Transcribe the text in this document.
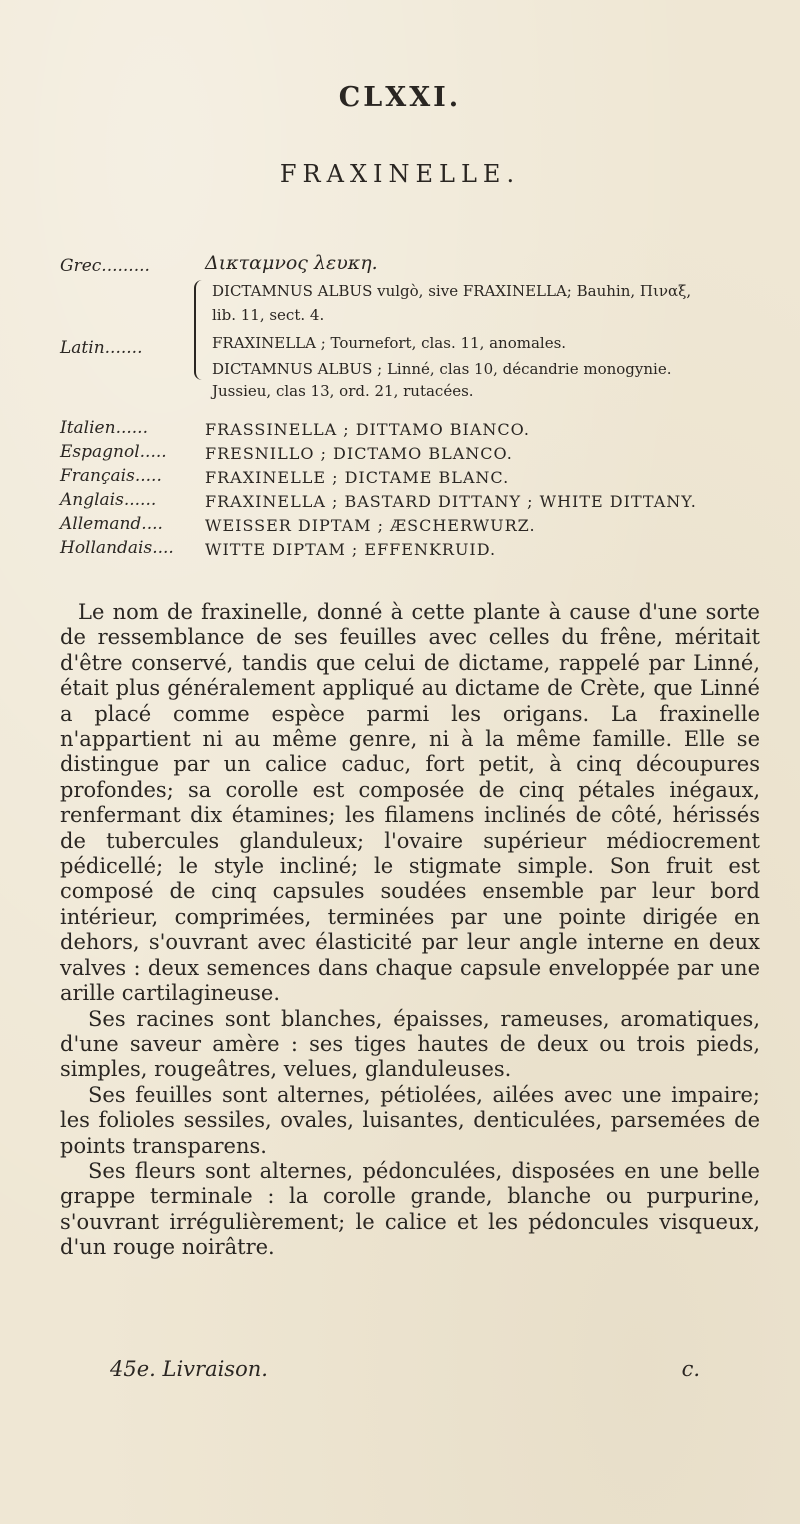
CLXXI.
FRAXINELLE.
Grec.........	Δικταμνος λευκη.
Latin.......
DICTAMNUS ALBUS vulgò, sive FRAXINELLA; Bauhin, Πιναξ,
lib. 11, sect. 4.
FRAXINELLA ; Tournefort, clas. 11, anomales.
DICTAMNUS ALBUS ; Linné, clas 10, décandrie monogynie.
Jussieu, clas 13, ord. 21, rutacées.
Italien......	FRASSINELLA ; DITTAMO BIANCO.
Espagnol..... FRESNILLO ; DICTAMO BLANCO.
Français.....	FRAXINELLE ; DICTAME BLANC.
Anglais......	FRAXINELLA ; BASTARD DITTANY ; WHITE DITTANY.
Allemand....	WEISSER DIPTAM ; ÆSCHERWURZ.
Hollandais.... WITTE DIPTAM ; EFFENKRUID.

Le nom de fraxinelle, donné à cette plante à cause d'une sorte de ressemblance de ses feuilles avec celles du frêne, méritait d'être conservé, tandis que celui de dictame, rappelé par Linné, était plus généralement appliqué au dictame de Crète, que Linné a placé comme espèce parmi les origans. La fraxinelle n'appartient ni au même genre, ni à la même famille. Elle se distingue par un calice caduc, fort petit, à cinq découpures profondes; sa corolle est composée de cinq pétales inégaux, renfermant dix étamines; les filamens inclinés de côté, hérissés de tubercules glanduleux; l'ovaire supérieur médiocrement pédicellé; le style incliné; le stigmate simple. Son fruit est composé de cinq capsules soudées ensemble par leur bord intérieur, comprimées, terminées par une pointe dirigée en dehors, s'ouvrant avec élasticité par leur angle interne en deux valves : deux semences dans chaque capsule enveloppée par une arille cartilagineuse.

Ses racines sont blanches, épaisses, rameuses, aromatiques, d'une saveur amère : ses tiges hautes de deux ou trois pieds, simples, rougeâtres, velues, glanduleuses.

Ses feuilles sont alternes, pétiolées, ailées avec une impaire; les folioles sessiles, ovales, luisantes, denticulées, parsemées de points transparens.

Ses fleurs sont alternes, pédonculées, disposées en une belle grappe terminale : la corolle grande, blanche ou purpurine, s'ouvrant irrégulièrement; le calice et les pédoncules visqueux, d'un rouge noirâtre.

45e. Livraison.	c.
